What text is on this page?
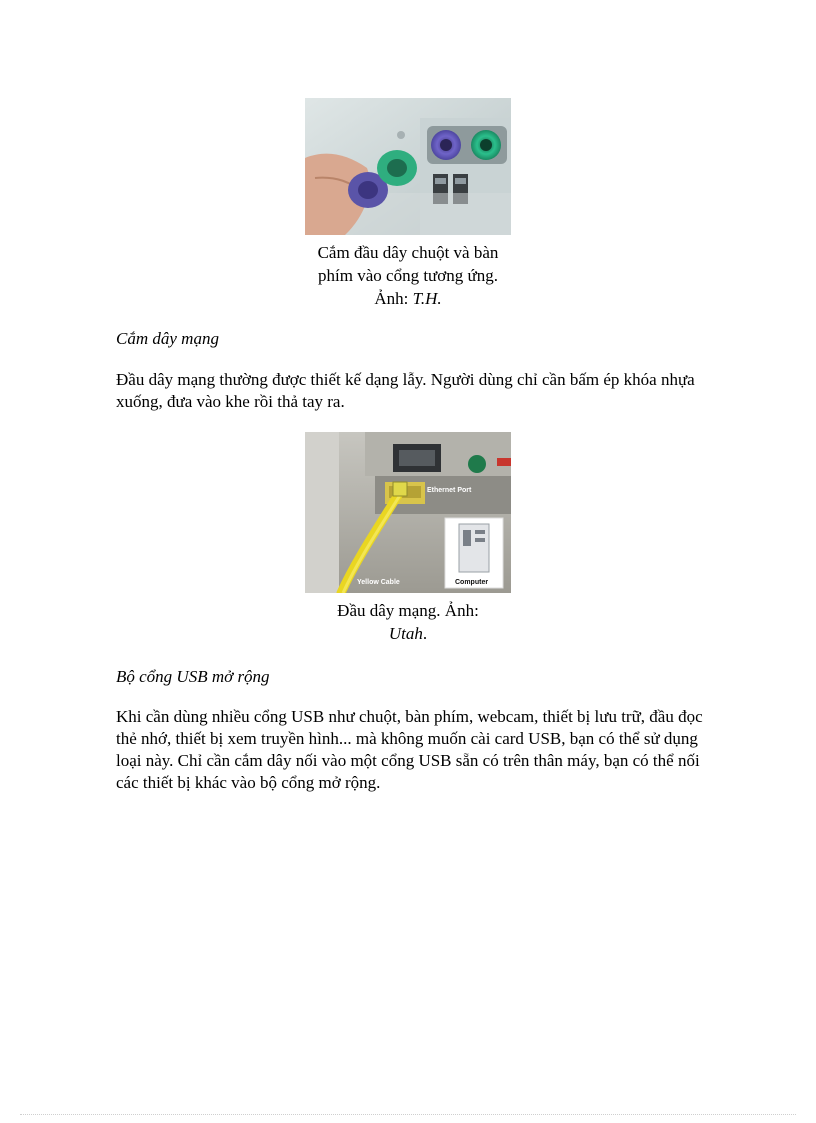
Cắm đầu dây chuột và bàn
phím vào cổng tương ứng.
Ảnh: T.H.
Cắm dây mạng
Đầu dây mạng thường được thiết kế dạng lẫy. Người dùng chỉ cần bấm ép khóa nhựa xuống, đưa vào khe rồi thả tay ra.
Ethernet Port
Yellow Cable	Computer
Đầu dây mạng. Ảnh:
Utah.
Bộ cổng USB mở rộng
Khi cần dùng nhiều cổng USB như chuột, bàn phím, webcam, thiết bị lưu trữ, đầu đọc thẻ nhớ, thiết bị xem truyền hình... mà không muốn cài card USB, bạn có thể sử dụng loại này. Chỉ cần cắm dây nối vào một cổng USB sẵn có trên thân máy, bạn có thể nối các thiết bị khác vào bộ cổng mở rộng.
